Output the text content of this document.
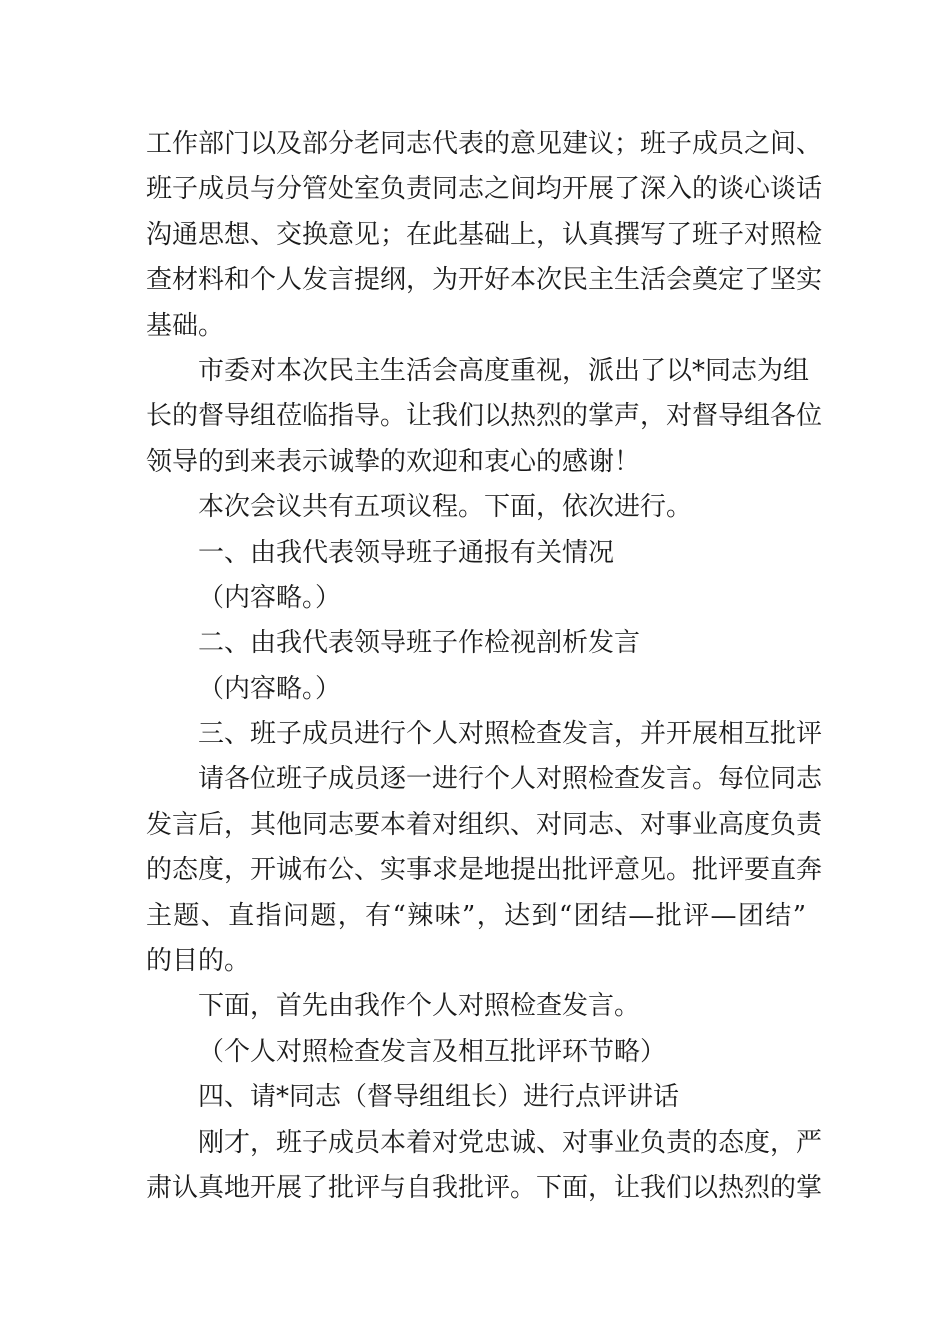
工作部门以及部分老同志代表的意见建议；班子成员之间、
班子成员与分管处室负责同志之间均开展了深入的谈心谈话
沟通思想、交换意见；在此基础上，认真撰写了班子对照检
查材料和个人发言提纲，为开好本次民主生活会奠定了坚实
基础。
市委对本次民主生活会高度重视，派出了以*同志为组
长的督导组莅临指导。让我们以热烈的掌声，对督导组各位
领导的到来表示诚挚的欢迎和衷心的感谢！
本次会议共有五项议程。下面，依次进行。
一、由我代表领导班子通报有关情况
（内容略。）
二、由我代表领导班子作检视剖析发言
（内容略。）
三、班子成员进行个人对照检查发言，并开展相互批评
请各位班子成员逐一进行个人对照检查发言。每位同志
发言后，其他同志要本着对组织、对同志、对事业高度负责
的态度，开诚布公、实事求是地提出批评意见。批评要直奔
主题、直指问题，有“辣味”，达到“团结—批评—团结”
的目的。
下面，首先由我作个人对照检查发言。
（个人对照检查发言及相互批评环节略）
四、请*同志（督导组组长）进行点评讲话
刚才，班子成员本着对党忠诚、对事业负责的态度，严
肃认真地开展了批评与自我批评。下面，让我们以热烈的掌
